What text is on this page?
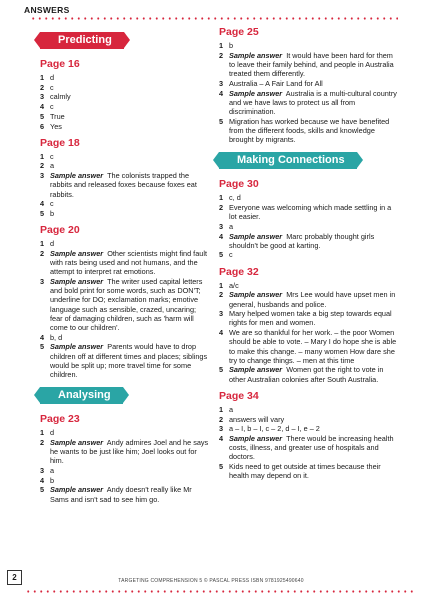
ANSWERS
Predicting
Page 16
1 d
2 c
3 calmly
4 c
5 True
6 Yes
Page 18
1 c
2 a
3 Sample answer The colonists trapped the rabbits and released foxes because foxes eat rabbits.
4 c
5 b
Page 20
1 d
2 Sample answer Other scientists might find fault with rats being used and not humans, and the attempt to interpret rat emotions.
3 Sample answer The writer used capital letters and bold print for some words, such as DON'T; underline for DO; exclamation marks; emotive language such as sensible, crazed, uncaring; fear of damaging children, such as 'harm will come to our children'.
4 b, d
5 Sample answer Parents would have to drop children off at different times and places; siblings would be split up; more travel time for some children.
Analysing
Page 23
1 d
2 Sample answer Andy admires Joel and he says he wants to be just like him; Joel looks out for him.
3 a
4 b
5 Sample answer Andy doesn't really like Mr Sams and isn't sad to see him go.
Page 25
1 b
2 Sample answer It would have been hard for them to leave their family behind, and people in Australia treated them differently.
3 Australia – A Fair Land for All
4 Sample answer Australia is a multi-cultural country and we have laws to protect us all from discrimination.
5 Migration has worked because we have benefited from the different foods, skills and knowledge brought by migrants.
Making Connections
Page 30
1 c, d
2 Everyone was welcoming which made settling in a lot easier.
3 a
4 Sample answer Marc probably thought girls shouldn't be good at karting.
5 c
Page 32
1 a/c
2 Sample answer Mrs Lee would have upset men in general, husbands and police.
3 Mary helped women take a big step towards equal rights for men and women.
4 We are so thankful for her work. – the poor Women should be able to vote. – Mary I do hope she is able to make this change. – many women How dare she try to change things. – men at this time
5 Sample answer Women got the right to vote in other Australian colonies after South Australia.
Page 34
1 a
2 answers will vary
3 a – I, b – I, c – 2, d – I, e – 2
4 Sample answer There would be increasing health costs, illness, and greater use of hospitals and doctors.
5 Kids need to get outside at times because their health may depend on it.
2	TARGETING COMPREHENSION 5 © PASCAL PRESS ISBN 9781925490640
